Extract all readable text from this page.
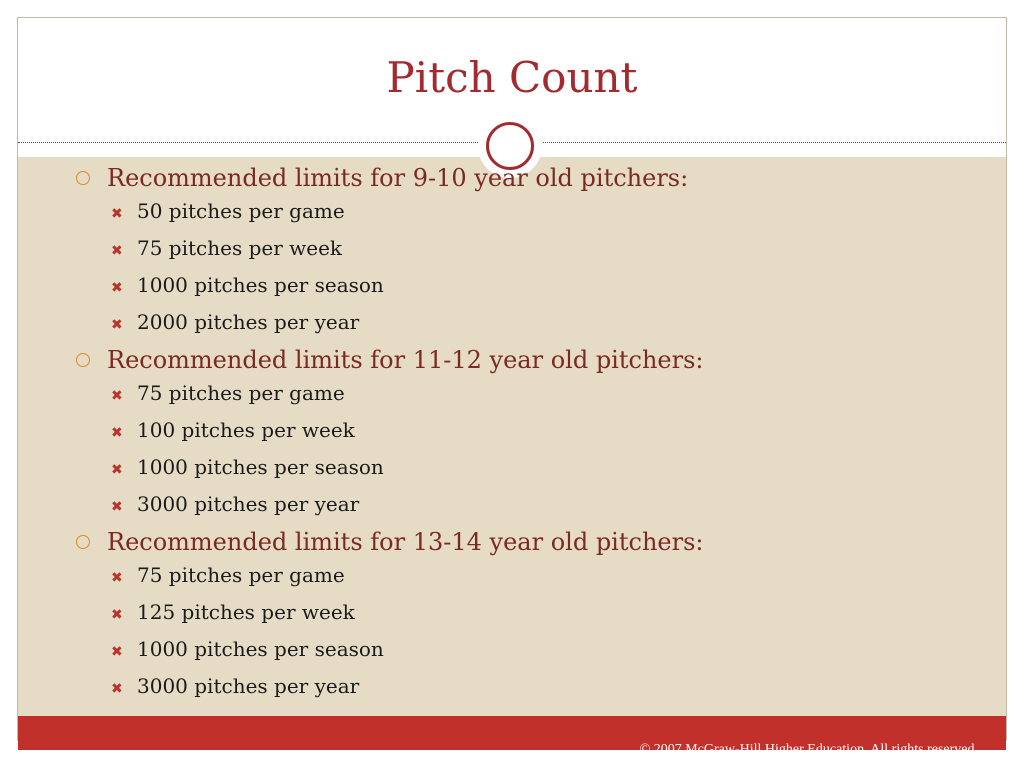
Pitch Count
Recommended limits for 9-10 year old pitchers:
✖ 50 pitches per game
✖ 75 pitches per week
✖ 1000 pitches per season
✖ 2000 pitches per year
Recommended limits for 11-12 year old pitchers:
✖ 75 pitches per game
✖ 100 pitches per week
✖ 1000 pitches per season
✖ 3000 pitches per year
Recommended limits for 13-14 year old pitchers:
✖ 75 pitches per game
✖ 125 pitches per week
✖ 1000 pitches per season
✖ 3000 pitches per year
© 2007 McGraw-Hill Higher Education. All rights reserved.
